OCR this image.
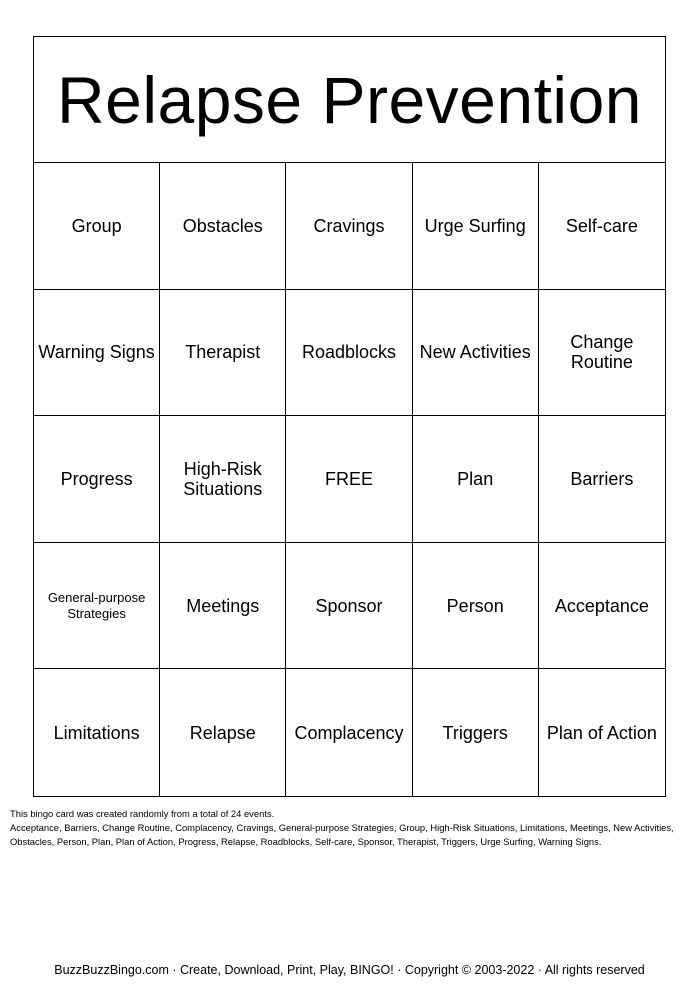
Relapse Prevention
Group	Obstacles	Cravings	Urge Surfing	Self-care
Warning Signs	Therapist	Roadblocks	New Activities	Change Routine
Progress	High-Risk Situations	FREE	Plan	Barriers
General-purpose Strategies	Meetings	Sponsor	Person	Acceptance
Limitations	Relapse	Complacency	Triggers	Plan of Action

This bingo card was created randomly from a total of 24 events.

Acceptance, Barriers, Change Routine, Complacency, Cravings, General-purpose Strategies, Group, High-Risk Situations, Limitations, Meetings, New Activities, Obstacles, Person, Plan, Plan of Action, Progress, Relapse, Roadblocks, Self-care, Sponsor, Therapist, Triggers, Urge Surfing, Warning Signs.

BuzzBuzzBingo.com · Create, Download, Print, Play, BINGO! · Copyright © 2003-2022 · All rights reserved
